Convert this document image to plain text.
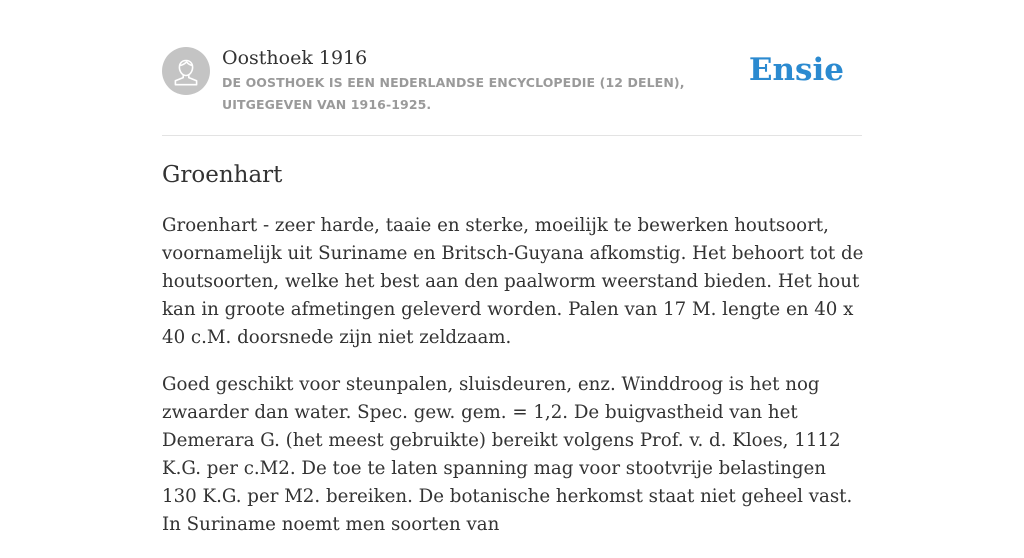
Oosthoek 1916

DE OOSTHOEK IS EEN NEDERLANDSE ENCYCLOPEDIE (12 DELEN), UITGEGEVEN VAN 1916-1925.

Ensie
Groenhart

Groenhart - zeer harde, taaie en sterke, moeilijk te bewerken houtsoort, voornamelijk uit Suriname en Britsch-Guyana afkomstig. Het behoort tot de houtsoorten, welke het best aan den paalworm weerstand bieden. Het hout kan in groote afmetingen geleverd worden. Palen van 17 M. lengte en 40 x 40 c.M. doorsnede zijn niet zeldzaam.

Goed geschikt voor steunpalen, sluisdeuren, enz. Winddroog is het nog zwaarder dan water. Spec. gew. gem. = 1,2. De buigvastheid van het Demerara G. (het meest gebruikte) bereikt volgens Prof. v. d. Kloes, 1112 K.G. per c.M2. De toe te laten spanning mag voor stootvrije belastingen 130 K.G. per M2. bereiken. De botanische herkomst staat niet geheel vast. In Suriname noemt men soorten van
